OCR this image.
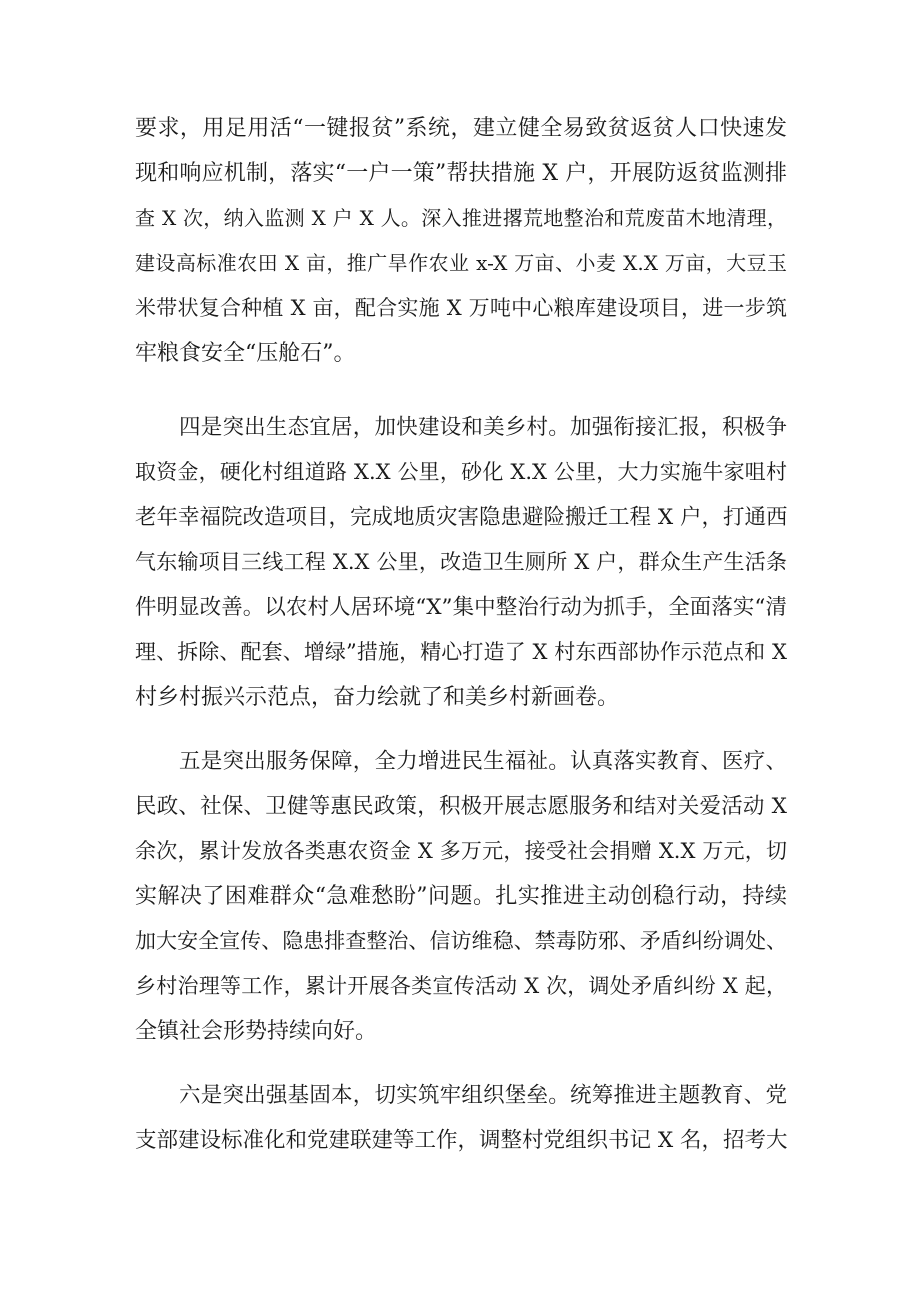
要求，用足用活“一键报贫”系统，建立健全易致贫返贫人口快速发
现和响应机制，落实“一户一策”帮扶措施 X 户，开展防返贫监测排
查 X 次，纳入监测 X 户 X 人。深入推进撂荒地整治和荒废苗木地清理，
建设高标准农田 X 亩，推广旱作农业 x-X 万亩、小麦 X.X 万亩，大豆玉
米带状复合种植 X 亩，配合实施 X 万吨中心粮库建设项目，进一步筑
牢粮食安全“压舱石”。

四是突出生态宜居，加快建设和美乡村。加强衔接汇报，积极争
取资金，硬化村组道路 X.X 公里，砂化 X.X 公里，大力实施牛家咀村
老年幸福院改造项目，完成地质灾害隐患避险搬迁工程 X 户，打通西
气东输项目三线工程 X.X 公里，改造卫生厕所 X 户，群众生产生活条
件明显改善。以农村人居环境“X”集中整治行动为抓手，全面落实“清
理、拆除、配套、增绿”措施，精心打造了 X 村东西部协作示范点和 X
村乡村振兴示范点，奋力绘就了和美乡村新画卷。

五是突出服务保障，全力增进民生福祉。认真落实教育、医疗、
民政、社保、卫健等惠民政策，积极开展志愿服务和结对关爱活动 X
余次，累计发放各类惠农资金 X 多万元，接受社会捐赠 X.X 万元，切
实解决了困难群众“急难愁盼”问题。扎实推进主动创稳行动，持续
加大安全宣传、隐患排查整治、信访维稳、禁毒防邪、矛盾纠纷调处、
乡村治理等工作，累计开展各类宣传活动 X 次，调处矛盾纠纷 X 起，
全镇社会形势持续向好。

六是突出强基固本，切实筑牢组织堡垒。统筹推进主题教育、党
支部建设标准化和党建联建等工作，调整村党组织书记 X 名，招考大
